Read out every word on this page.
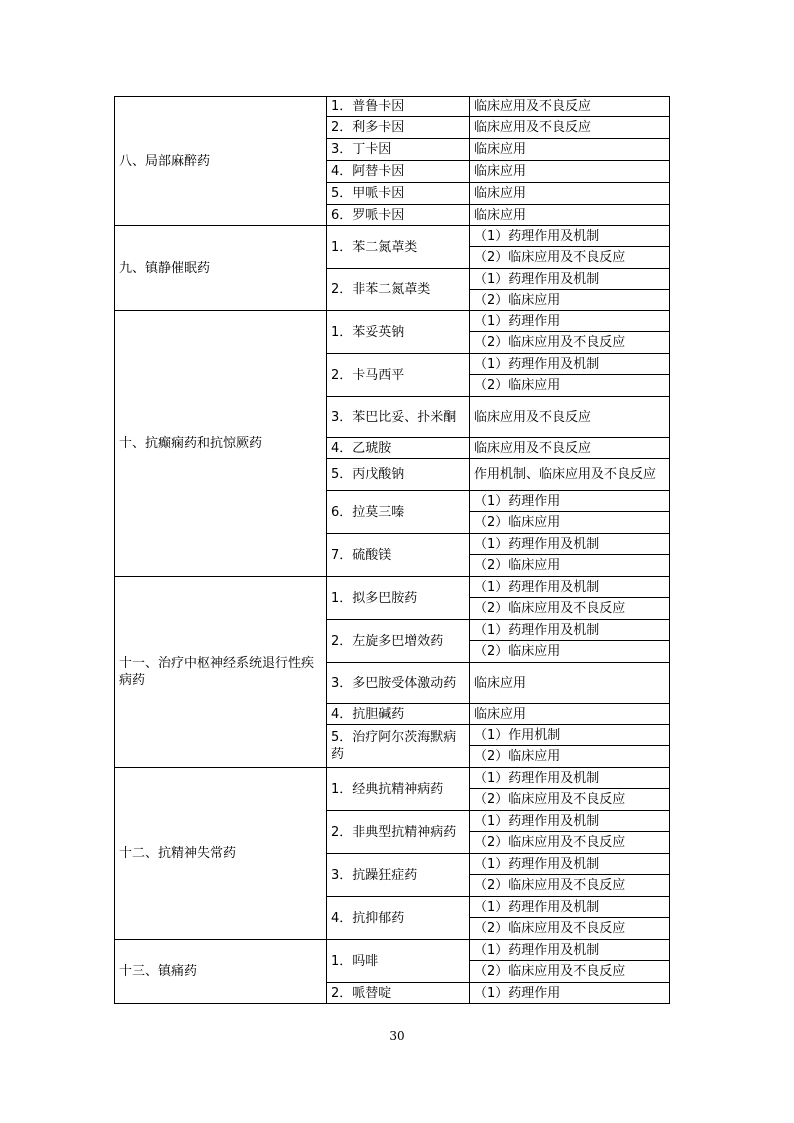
八、局部麻醉药	1．普鲁卡因	临床应用及不良反应
	2．利多卡因	临床应用及不良反应
	3．丁卡因	临床应用
	4．阿替卡因	临床应用
	5．甲哌卡因	临床应用
	6．罗哌卡因	临床应用
九、镇静催眠药	1．苯二氮䓬类	（1）药理作用及机制
		（2）临床应用及不良反应
	2．非苯二氮䓬类	（1）药理作用及机制
		（2）临床应用
十、抗癫痫药和抗惊厥药	1．苯妥英钠	（1）药理作用
		（2）临床应用及不良反应
	2．卡马西平	（1）药理作用及机制
		（2）临床应用
	3．苯巴比妥、扑米酮	临床应用及不良反应
	4．乙琥胺	临床应用及不良反应
	5．丙戊酸钠	作用机制、临床应用及不良反应
	6．拉莫三嗪	（1）药理作用
		（2）临床应用
	7．硫酸镁	（1）药理作用及机制
		（2）临床应用
十一、治疗中枢神经系统退行性疾病药	1．拟多巴胺药	（1）药理作用及机制
		（2）临床应用及不良反应
	2．左旋多巴增效药	（1）药理作用及机制
		（2）临床应用
	3．多巴胺受体激动药	临床应用
	4．抗胆碱药	临床应用
	5．治疗阿尔茨海默病药	（1）作用机制
		（2）临床应用
十二、抗精神失常药	1．经典抗精神病药	（1）药理作用及机制
		（2）临床应用及不良反应
	2．非典型抗精神病药	（1）药理作用及机制
		（2）临床应用及不良反应
	3．抗躁狂症药	（1）药理作用及机制
		（2）临床应用及不良反应
	4．抗抑郁药	（1）药理作用及机制
		（2）临床应用及不良反应
十三、镇痛药	1．吗啡	（1）药理作用及机制
		（2）临床应用及不良反应
	2．哌替啶	（1）药理作用
30
